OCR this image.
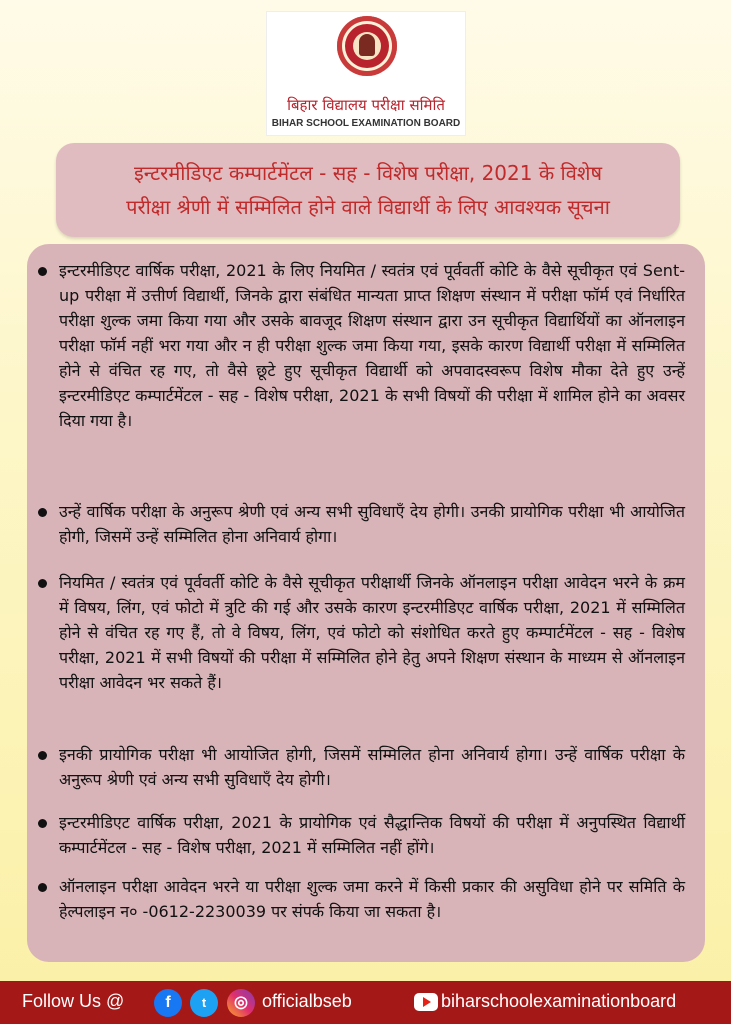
बिहार विद्यालय परीक्षा समिति
BIHAR SCHOOL EXAMINATION BOARD
इन्टरमीडिएट कम्पार्टमेंटल - सह - विशेष परीक्षा, 2021 के विशेष
परीक्षा श्रेणी में सम्मिलित होने वाले विद्यार्थी के लिए आवश्यक सूचना
इन्टरमीडिएट वार्षिक परीक्षा, 2021 के लिए नियमित / स्वतंत्र एवं पूर्ववर्ती कोटि के वैसे सूचीकृत एवं Sent-up परीक्षा में उत्तीर्ण विद्यार्थी, जिनके द्वारा संबंधित मान्यता प्राप्त शिक्षण संस्थान में परीक्षा फॉर्म एवं निर्धारित परीक्षा शुल्क जमा किया गया और उसके बावजूद शिक्षण संस्थान द्वारा उन सूचीकृत विद्यार्थियों का ऑनलाइन परीक्षा फॉर्म नहीं भरा गया और न ही परीक्षा शुल्क जमा किया गया, इसके कारण विद्यार्थी परीक्षा में सम्मिलित होने से वंचित रह गए, तो वैसे छूटे हुए सूचीकृत विद्यार्थी को अपवादस्वरूप विशेष मौका देते हुए उन्हें इन्टरमीडिएट कम्पार्टमेंटल - सह - विशेष परीक्षा, 2021 के सभी विषयों की परीक्षा में शामिल होने का अवसर दिया गया है।
उन्हें वार्षिक परीक्षा के अनुरूप श्रेणी एवं अन्य सभी सुविधाएँ देय होगी। उनकी प्रायोगिक परीक्षा भी आयोजित होगी, जिसमें उन्हें सम्मिलित होना अनिवार्य होगा।
नियमित / स्वतंत्र एवं पूर्ववर्ती कोटि के वैसे सूचीकृत परीक्षार्थी जिनके ऑनलाइन परीक्षा आवेदन भरने के क्रम में विषय, लिंग, एवं फोटो में त्रुटि की गई और उसके कारण इन्टरमीडिएट वार्षिक परीक्षा, 2021 में सम्मिलित होने से वंचित रह गए हैं, तो वे विषय, लिंग, एवं फोटो को संशोधित करते हुए कम्पार्टमेंटल - सह - विशेष परीक्षा, 2021 में सभी विषयों की परीक्षा में सम्मिलित होने हेतु अपने शिक्षण संस्थान के माध्यम से ऑनलाइन परीक्षा आवेदन भर सकते हैं।
इनकी प्रायोगिक परीक्षा भी आयोजित होगी, जिसमें सम्मिलित होना अनिवार्य होगा। उन्हें वार्षिक परीक्षा के अनुरूप श्रेणी एवं अन्य सभी सुविधाएँ देय होगी।
इन्टरमीडिएट वार्षिक परीक्षा, 2021 के प्रायोगिक एवं सैद्धान्तिक विषयों की परीक्षा में अनुपस्थित विद्यार्थी कम्पार्टमेंटल - सह - विशेष परीक्षा, 2021 में सम्मिलित नहीं होंगे।
ऑनलाइन परीक्षा आवेदन भरने या परीक्षा शुल्क जमा करने में किसी प्रकार की असुविधा होने पर समिति के हेल्पलाइन न० -0612-2230039 पर संपर्क किया जा सकता है।
Follow Us @	f	t	◎ officialbseb	biharschoolexaminationboard
